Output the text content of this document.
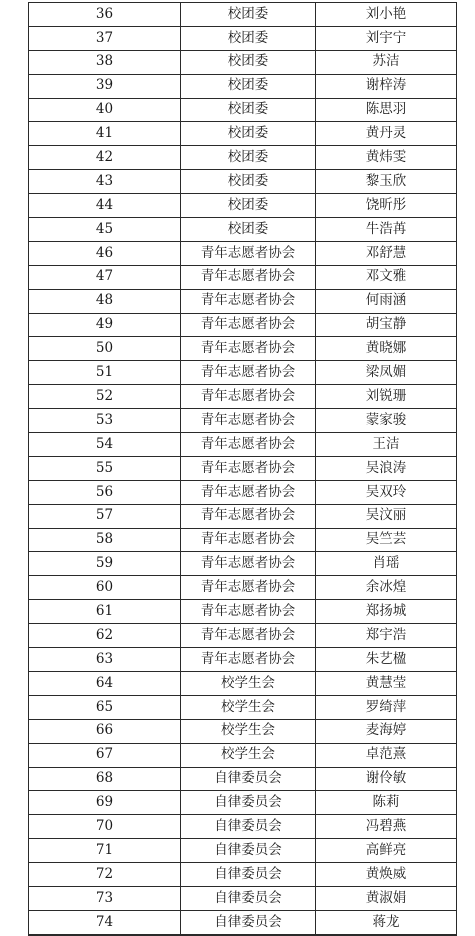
36	校团委	刘小艳
37	校团委	刘宇宁
38	校团委	苏洁
39	校团委	谢梓涛
40	校团委	陈思羽
41	校团委	黄丹灵
42	校团委	黄炜雯
43	校团委	黎玉欣
44	校团委	饶昕彤
45	校团委	牛浩苒
46	青年志愿者协会	邓舒慧
47	青年志愿者协会	邓文雅
48	青年志愿者协会	何雨涵
49	青年志愿者协会	胡宝静
50	青年志愿者协会	黄晓娜
51	青年志愿者协会	梁凤媚
52	青年志愿者协会	刘锐珊
53	青年志愿者协会	蒙家骏
54	青年志愿者协会	王洁
55	青年志愿者协会	吴浪涛
56	青年志愿者协会	吴双玲
57	青年志愿者协会	吴汶丽
58	青年志愿者协会	吴竺芸
59	青年志愿者协会	肖瑶
60	青年志愿者协会	余冰煌
61	青年志愿者协会	郑扬城
62	青年志愿者协会	郑宇浩
63	青年志愿者协会	朱艺楹
64	校学生会	黄慧莹
65	校学生会	罗绮萍
66	校学生会	麦海婷
67	校学生会	卓范熹
68	自律委员会	谢伶敏
69	自律委员会	陈莉
70	自律委员会	冯碧燕
71	自律委员会	高鲜亮
72	自律委员会	黄焕威
73	自律委员会	黄淑娟
74	自律委员会	蒋龙
